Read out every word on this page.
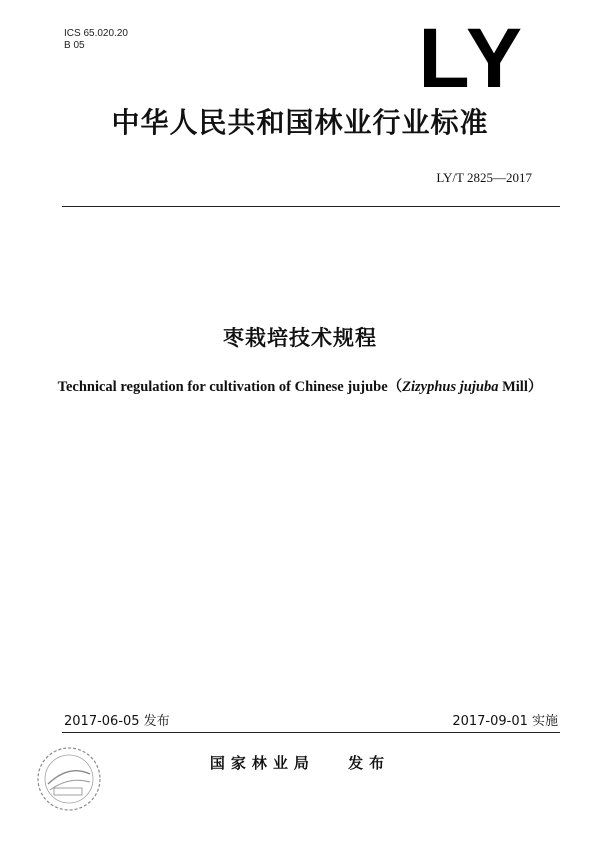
ICS 65.020.20
B 05	LY
中华人民共和国林业行业标准
LY/T 2825—2017
枣栽培技术规程
Technical regulation for cultivation of Chinese jujube（Zizyphus jujuba Mill）
2017-06-05 发布	2017-09-01 实施
国家林业局 发布
